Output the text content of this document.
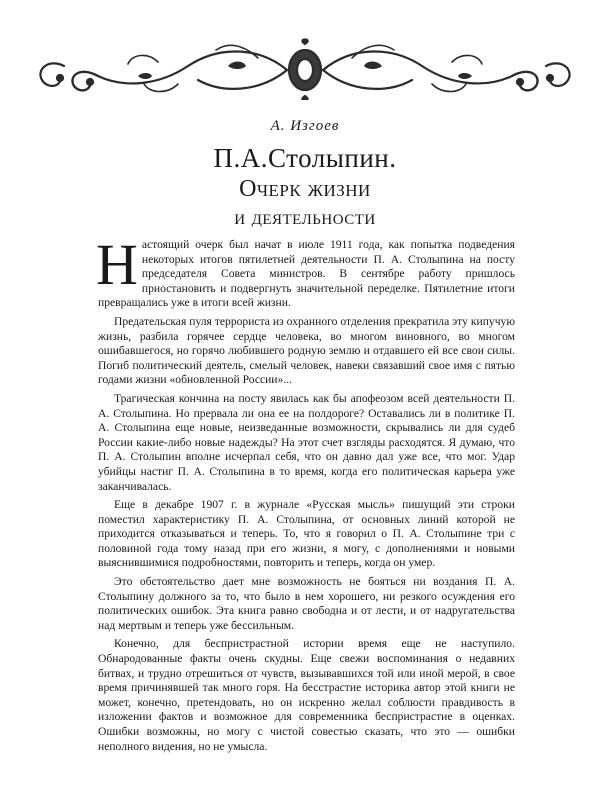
А. Изгоев
П.А.Столыпин.
Очерк жизни
и деятельности

Настоящий очерк был начат в июле 1911 года, как попытка подведения некоторых итогов пятилетней деятельности П. А. Столыпина на посту председателя Совета министров. В сентябре работу пришлось приостановить и подвергнуть значительной переделке. Пятилетние итоги превращались уже в итоги всей жизни.

Предательская пуля террориста из охранного отделения прекратила эту кипучую жизнь, разбила горячее сердце человека, во многом виновного, во многом ошибавшегося, но горячо любившего родную землю и отдавшего ей все свои силы. Погиб политический деятель, смелый человек, навеки связавший свое имя с пятью годами жизни «обновленной России»...

Трагическая кончина на посту явилась как бы апофеозом всей деятельности П. А. Столыпина. Но прервала ли она ее на полдороге? Оставались ли в политике П. А. Столыпина еще новые, неизведанные возможности, скрывались ли для судеб России какие-либо новые надежды? На этот счет взгляды расходятся. Я думаю, что П. А. Столыпин вполне исчерпал себя, что он давно дал уже все, что мог. Удар убийцы настиг П. А. Столыпина в то время, когда его политическая карьера уже заканчивалась.

Еще в декабре 1907 г. в журнале «Русская мысль» пишущий эти строки поместил характеристику П. А. Столыпина, от основных линий которой не приходится отказываться и теперь. То, что я говорил о П. А. Столыпине три с половиной года тому назад при его жизни, я могу, с дополнениями и новыми выяснившимися подробностями, повторить и теперь, когда он умер.

Это обстоятельство дает мне возможность не бояться ни воздания П. А. Столыпину должного за то, что было в нем хорошего, ни резкого осуждения его политических ошибок. Эта книга равно свободна и от лести, и от надругательства над мертвым и теперь уже бессильным.

Конечно, для беспристрастной истории время еще не наступило. Обнародованные факты очень скудны. Еще свежи воспоминания о недавних битвах, и трудно отрешиться от чувств, вызывавшихся той или иной мерой, в свое время причинявшей так много горя. На бесстрастие историка автор этой книги не может, конечно, претендовать, но он искренно желал соблюсти правдивость в изложении фактов и возможное для современника беспристрастие в оценках. Ошибки возможны, но могу с чистой совестью сказать, что это — ошибки неполного видения, но не умысла.
